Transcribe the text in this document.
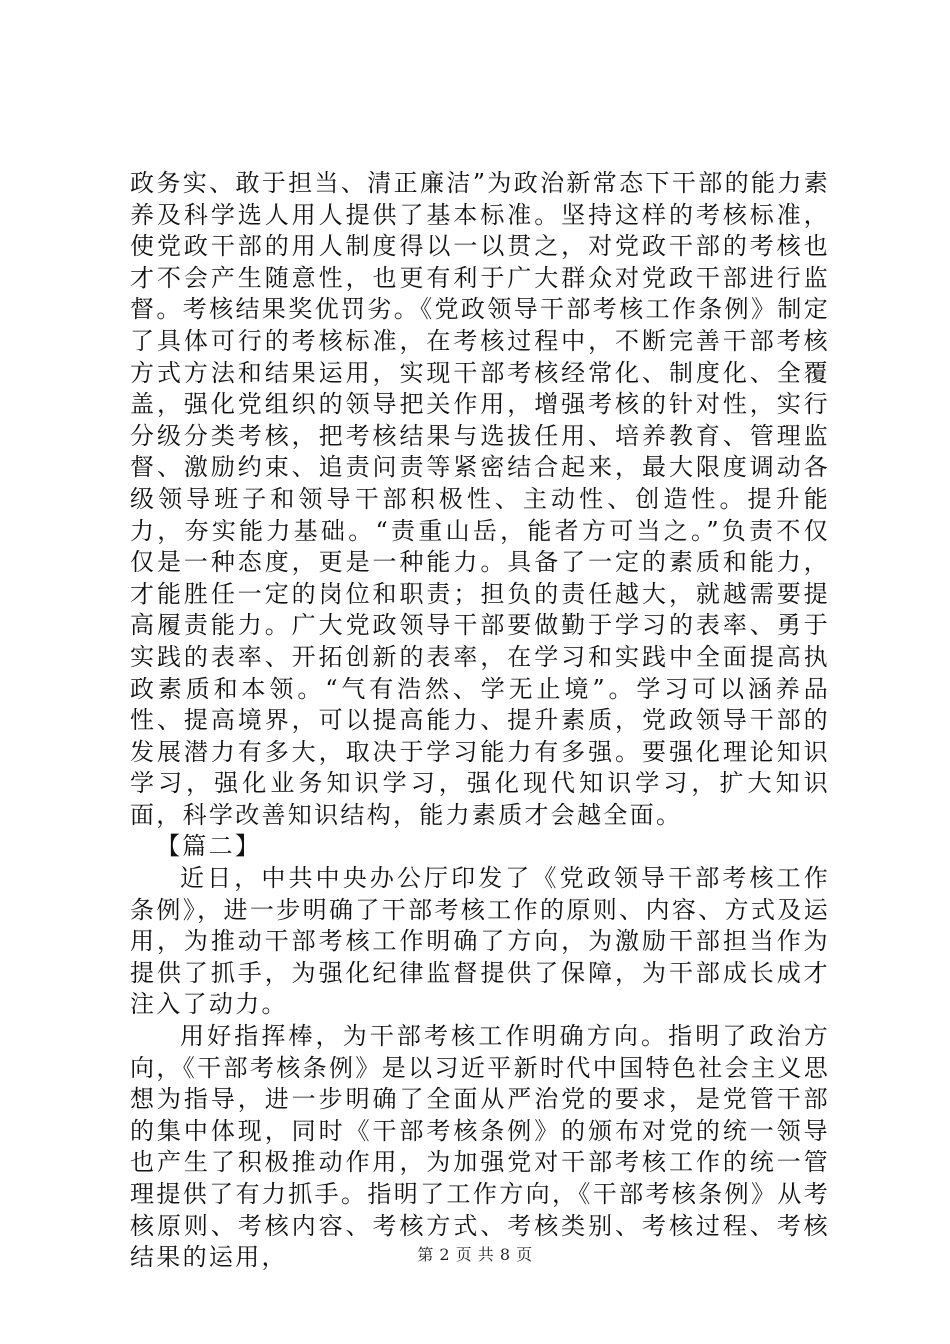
政务实、敢于担当、清正廉洁”为政治新常态下干部的能力素养及科学选人用人提供了基本标准。坚持这样的考核标准，使党政干部的用人制度得以一以贯之，对党政干部的考核也才不会产生随意性，也更有利于广大群众对党政干部进行监督。考核结果奖优罚劣。《党政领导干部考核工作条例》制定了具体可行的考核标准，在考核过程中，不断完善干部考核方式方法和结果运用，实现干部考核经常化、制度化、全覆盖，强化党组织的领导把关作用，增强考核的针对性，实行分级分类考核，把考核结果与选拔任用、培养教育、管理监督、激励约束、追责问责等紧密结合起来，最大限度调动各级领导班子和领导干部积极性、主动性、创造性。提升能力，夯实能力基础。“责重山岳，能者方可当之。”负责不仅仅是一种态度，更是一种能力。具备了一定的素质和能力，才能胜任一定的岗位和职责；担负的责任越大，就越需要提高履责能力。广大党政领导干部要做勤于学习的表率、勇于实践的表率、开拓创新的表率，在学习和实践中全面提高执政素质和本领。“气有浩然、学无止境”。学习可以涵养品性、提高境界，可以提高能力、提升素质，党政领导干部的发展潜力有多大，取决于学习能力有多强。要强化理论知识学习，强化业务知识学习，强化现代知识学习，扩大知识面，科学改善知识结构，能力素质才会越全面。

【篇二】

近日，中共中央办公厅印发了《党政领导干部考核工作条例》，进一步明确了干部考核工作的原则、内容、方式及运用，为推动干部考核工作明确了方向，为激励干部担当作为提供了抓手，为强化纪律监督提供了保障，为干部成长成才注入了动力。

用好指挥棒，为干部考核工作明确方向。指明了政治方向，《干部考核条例》是以习近平新时代中国特色社会主义思想为指导，进一步明确了全面从严治党的要求，是党管干部的集中体现，同时《干部考核条例》的颁布对党的统一领导也产生了积极推动作用，为加强党对干部考核工作的统一管理提供了有力抓手。指明了工作方向，《干部考核条例》从考核原则、考核内容、考核方式、考核类别、考核过程、考核结果的运用，	第 2 页 共 8 页
